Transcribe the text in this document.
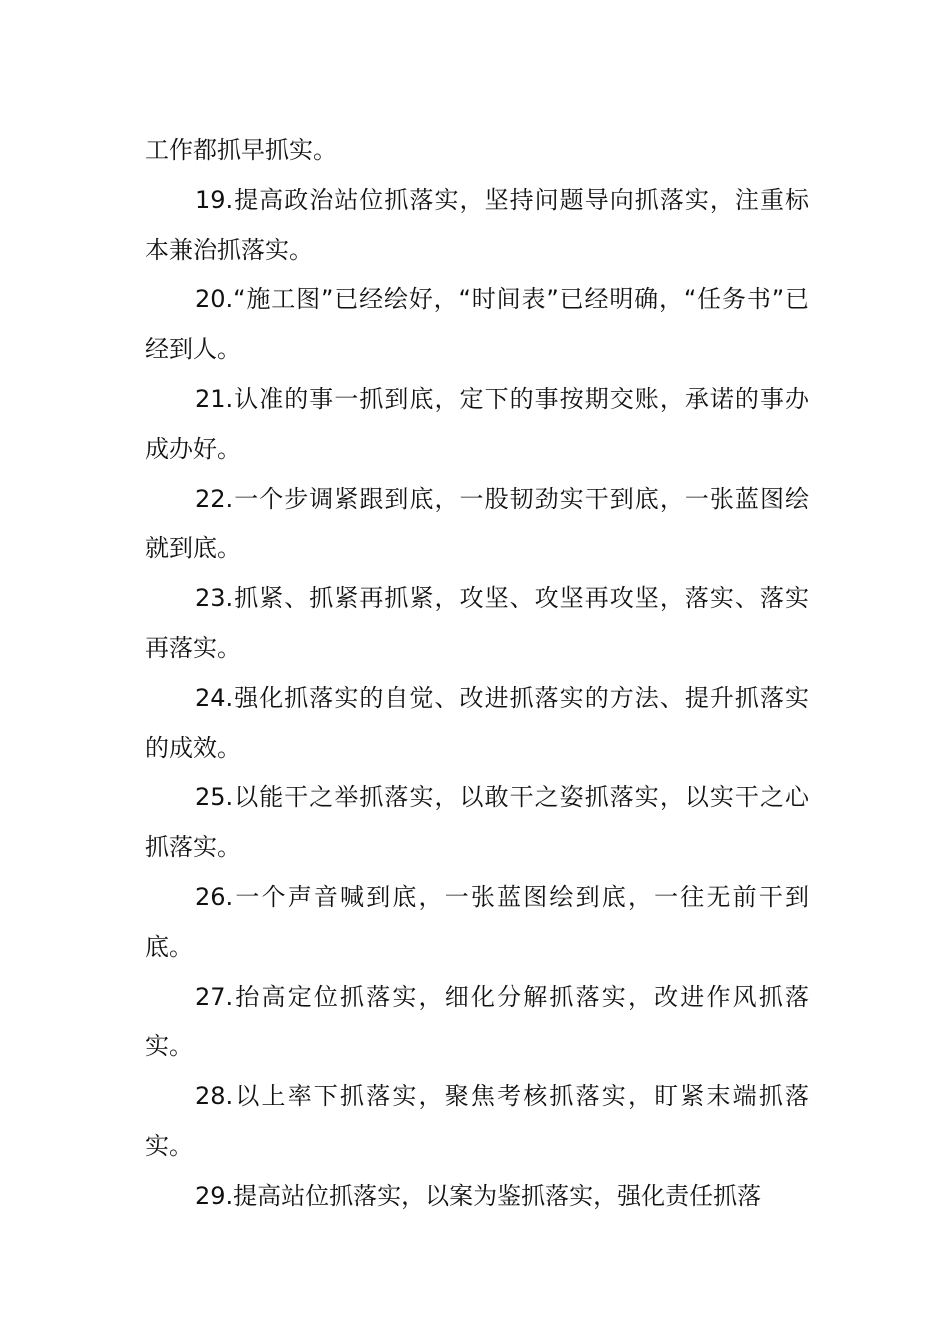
工作都抓早抓实。

19.提高政治站位抓落实，坚持问题导向抓落实，注重标本兼治抓落实。

20.“施工图”已经绘好，“时间表”已经明确，“任务书”已经到人。

21.认准的事一抓到底，定下的事按期交账，承诺的事办成办好。

22.一个步调紧跟到底，一股韧劲实干到底，一张蓝图绘就到底。

23.抓紧、抓紧再抓紧，攻坚、攻坚再攻坚，落实、落实再落实。

24.强化抓落实的自觉、改进抓落实的方法、提升抓落实的成效。

25.以能干之举抓落实，以敢干之姿抓落实，以实干之心抓落实。

26.一个声音喊到底，一张蓝图绘到底，一往无前干到底。

27.抬高定位抓落实，细化分解抓落实，改进作风抓落实。

28.以上率下抓落实，聚焦考核抓落实，盯紧末端抓落实。

29.提高站位抓落实，以案为鉴抓落实，强化责任抓落
